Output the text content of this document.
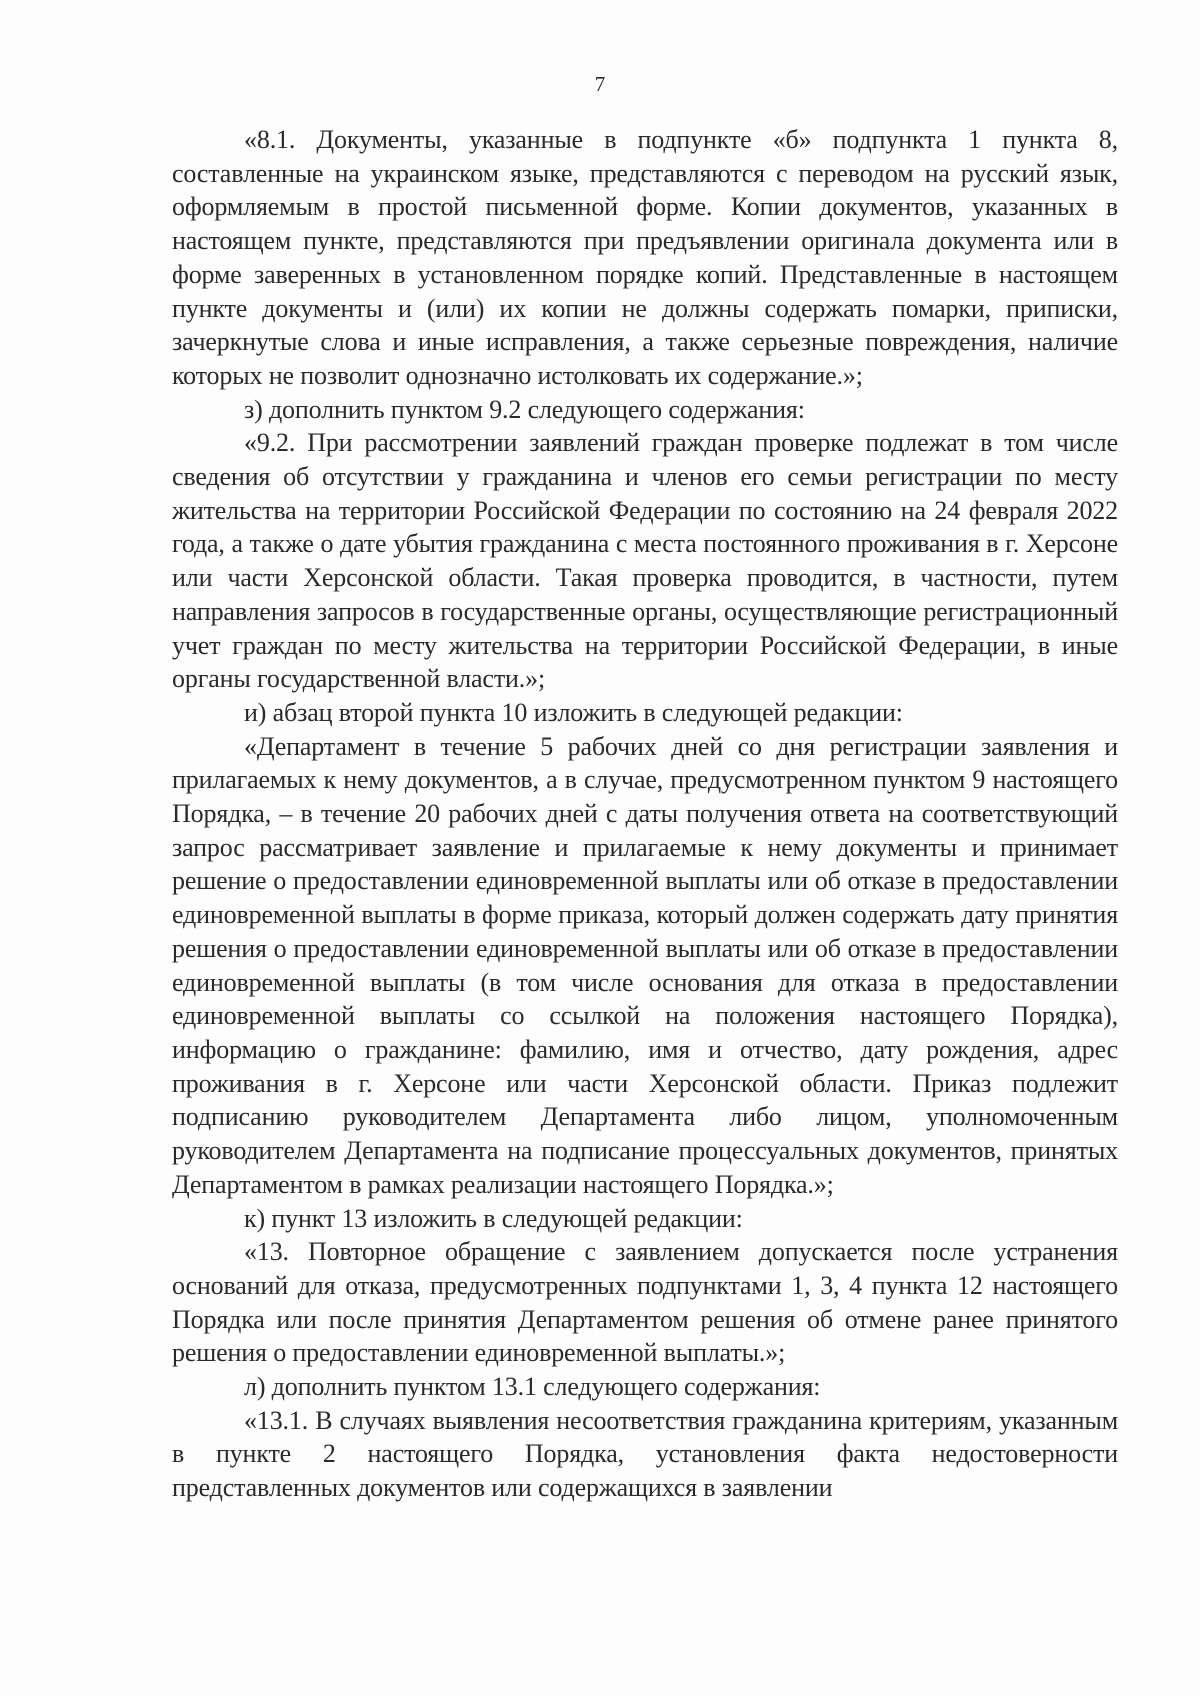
7

«8.1. Документы, указанные в подпункте «б» подпункта 1 пункта 8, составленные на украинском языке, представляются с переводом на русский язык, оформляемым в простой письменной форме. Копии документов, указанных в настоящем пункте, представляются при предъявлении оригинала документа или в форме заверенных в установленном порядке копий. Представленные в настоящем пункте документы и (или) их копии не должны содержать помарки, приписки, зачеркнутые слова и иные исправления, а также серьезные повреждения, наличие которых не позволит однозначно истолковать их содержание.»;

з) дополнить пунктом 9.2 следующего содержания:

«9.2. При рассмотрении заявлений граждан проверке подлежат в том числе сведения об отсутствии у гражданина и членов его семьи регистрации по месту жительства на территории Российской Федерации по состоянию на 24 февраля 2022 года, а также о дате убытия гражданина с места постоянного проживания в г. Херсоне или части Херсонской области. Такая проверка проводится, в частности, путем направления запросов в государственные органы, осуществляющие регистрационный учет граждан по месту жительства на территории Российской Федерации, в иные органы государственной власти.»;

и) абзац второй пункта 10 изложить в следующей редакции:

«Департамент в течение 5 рабочих дней со дня регистрации заявления и прилагаемых к нему документов, а в случае, предусмотренном пунктом 9 настоящего Порядка, – в течение 20 рабочих дней с даты получения ответа на соответствующий запрос рассматривает заявление и прилагаемые к нему документы и принимает решение о предоставлении единовременной выплаты или об отказе в предоставлении единовременной выплаты в форме приказа, который должен содержать дату принятия решения о предоставлении единовременной выплаты или об отказе в предоставлении единовременной выплаты (в том числе основания для отказа в предоставлении единовременной выплаты со ссылкой на положения настоящего Порядка), информацию о гражданине: фамилию, имя и отчество, дату рождения, адрес проживания в г. Херсоне или части Херсонской области. Приказ подлежит подписанию руководителем Департамента либо лицом, уполномоченным руководителем Департамента на подписание процессуальных документов, принятых Департаментом в рамках реализации настоящего Порядка.»;

к) пункт 13 изложить в следующей редакции:

«13. Повторное обращение с заявлением допускается после устранения оснований для отказа, предусмотренных подпунктами 1, 3, 4 пункта 12 настоящего Порядка или после принятия Департаментом решения об отмене ранее принятого решения о предоставлении единовременной выплаты.»;

л) дополнить пунктом 13.1 следующего содержания:

«13.1. В случаях выявления несоответствия гражданина критериям, указанным в пункте 2 настоящего Порядка, установления факта недостоверности представленных документов или содержащихся в заявлении
